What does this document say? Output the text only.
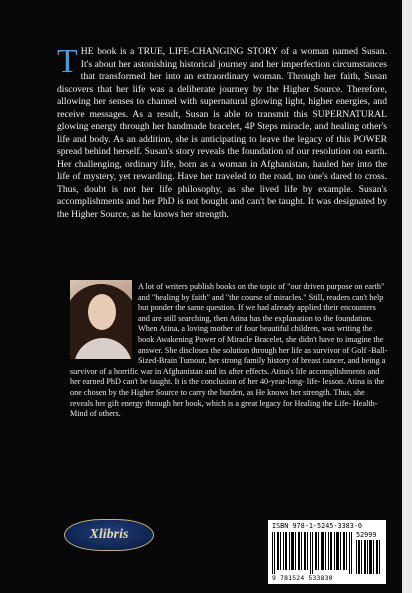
THE book is a TRUE, LIFE-CHANGING STORY of a woman named Susan. It's about her astonishing historical journey and her imperfection circumstances that transformed her into an extraordinary woman. Through her faith, Susan discovers that her life was a deliberate journey by the Higher Source. Therefore, allowing her senses to channel with supernatural glowing light, higher energies, and receive messages. As a result, Susan is able to transmit this SUPERNATURAL glowing energy through her handmade bracelet, 4P Steps miracle, and healing other's life and body. As an addition, she is anticipating to leave the legacy of this POWER spread behind herself. Susan's story reveals the foundation of our resolution on earth. Her challenging, ordinary life, born as a woman in Afghanistan, hauled her into the life of mystery, yet rewarding. Have her traveled to the road, no one's dared to cross. Thus, doubt is not her life philosophy, as she lived life by example. Susan's accomplishments and her PhD is not bought and can't be taught. It was designated by the Higher Source, as he knows her strength.
A lot of writers publish books on the topic of "our driven purpose on earth" and "healing by faith" and "the course of miracles." Still, readers can't help but ponder the same question. If we had already applied their encounters and are still searching, then Atina has the explanation to the foundation. When Atina, a loving mother of four beautiful children, was writing the book Awakening Power of Miracle Bracelet, she didn't have to imagine the answer. She discloses the solution through her life as survivor of Golf -Ball- Sized-Brain Tumour, her strong family history of breast cancer, and being a survivor of a horrific war in Afghanistan and its after effects. Atina's life accomplishments and her earned PhD can't be taught. It is the conclusion of her 40-year-long- life- lesson. Atina is the one chosen by the Higher Source to carry the burden, as He knows her strength. Thus, she reveals her gift energy through her book, which is a great legacy for Healing the Life- Health- Mind of others.
Xlibris
ISBN 978-1-5245-3383-0
52999
9 781524 533830
